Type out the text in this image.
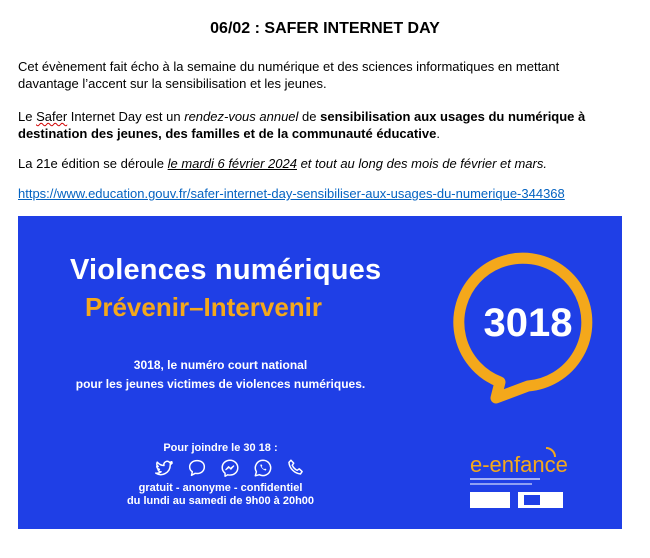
06/02 : SAFER INTERNET DAY
Cet évènement fait écho à la semaine du numérique et des sciences informatiques en mettant davantage l’accent sur la sensibilisation et les jeunes.
Le Safer Internet Day est un rendez-vous annuel de sensibilisation aux usages du numérique à destination des jeunes, des familles et de la communauté éducative.
La 21e édition se déroule le mardi 6 février 2024 et tout au long des mois de février et mars.
https://www.education.gouv.fr/safer-internet-day-sensibiliser-aux-usages-du-numerique-344368
Violences numériques
Prévenir–Intervenir
3018, le numéro court national
pour les jeunes victimes de violences numériques.
Pour joindre le 30 18 :
gratuit - anonyme - confidentiel
du lundi au samedi de 9h00 à 20h00
3018
e-enfance
